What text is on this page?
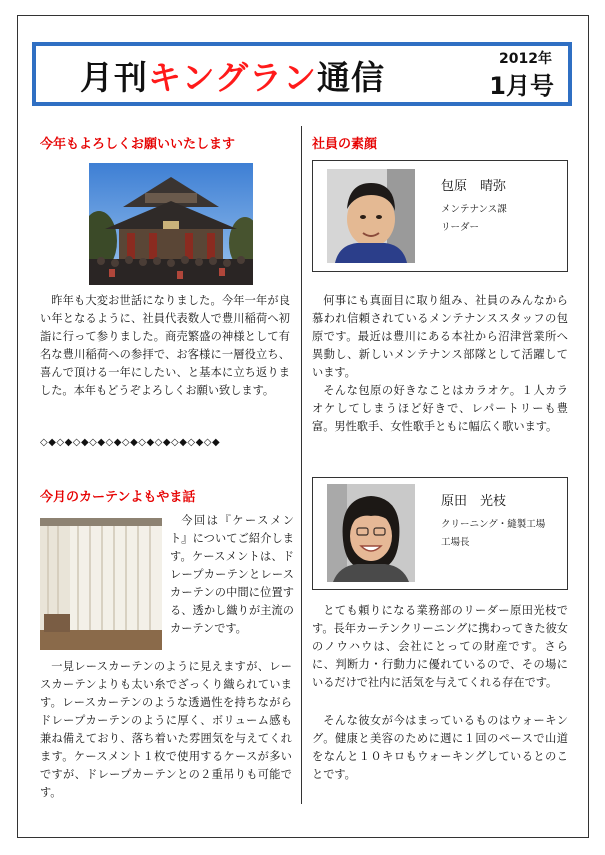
月刊キングラン通信	2012年
1月号
今年もよろしくお願いいたします
昨年も大変お世話になりました。今年一年が良い年となるように、社員代表数人で豊川稲荷へ初詣に行って参りました。商売繁盛の神様として有名な豊川稲荷への参拝で、お客様に一層役立ち、喜んで頂ける一年にしたい、と基本に立ち返りました。本年もどうぞよろしくお願い致します。
◇◆◇◆◇◆◇◆◇◆◇◆◇◆◇◆◇◆◇◆◇◆
今月のカーテンよもやま話
今回は『ケースメント』についてご紹介します。ケースメントは、ドレープカーテンとレースカーテンの中間に位置する、透かし織りが主流のカーテンです。
一見レースカーテンのように見えますが、レースカーテンよりも太い糸でざっくり織られています。レースカーテンのような透過性を持ちながらドレープカーテンのように厚く、ボリューム感も兼ね備えており、落ち着いた雰囲気を与えてくれます。ケースメント１枚で使用するケースが多いですが、ドレープカーテンとの２重吊りも可能です。
社員の素顔
包原　晴弥
メンテナンス課
リーダー
何事にも真面目に取り組み、社員のみんなから慕われ信頼されているメンテナンススタッフの包原です。最近は豊川にある本社から沼津営業所へ異動し、新しいメンテナンス部隊として活躍しています。
そんな包原の好きなことはカラオケ。１人カラオケしてしまうほど好きで、レパートリーも豊富。男性歌手、女性歌手ともに幅広く歌います。
原田　光枝
クリーニング・縫製工場
工場長
とても頼りになる業務部のリーダー原田光枝です。長年カーテンクリーニングに携わってきた彼女のノウハウは、会社にとっての財産です。さらに、判断力・行動力に優れているので、その場にいるだけで社内に活気を与えてくれる存在です。
そんな彼女が今はまっているものはウォーキング。健康と美容のために週に１回のペースで山道をなんと１０キロもウォーキングしているとのことです。
